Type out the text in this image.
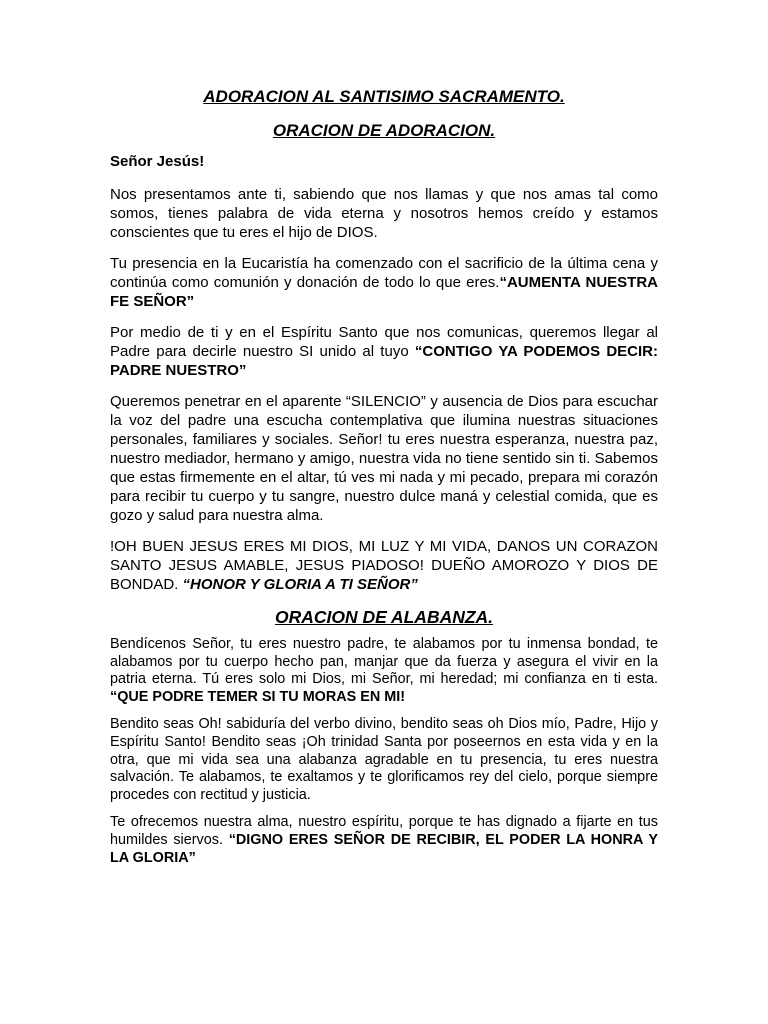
ADORACION AL SANTISIMO SACRAMENTO.
ORACION DE ADORACION.
Señor Jesús!

Nos presentamos ante ti, sabiendo que nos llamas y que nos amas tal como somos, tienes palabra de vida eterna y nosotros hemos creído y estamos conscientes que tu eres el hijo de DIOS.

Tu presencia en la Eucaristía ha comenzado con el sacrificio de la última cena y continúa como comunión y donación de todo lo que eres.“AUMENTA NUESTRA FE SEÑOR”

Por medio de ti y en el Espíritu Santo que nos comunicas, queremos llegar al Padre para decirle nuestro SI unido al tuyo “CONTIGO YA PODEMOS DECIR: PADRE NUESTRO”

Queremos penetrar en el aparente “SILENCIO” y ausencia de Dios para escuchar la voz del padre una escucha contemplativa que ilumina nuestras situaciones personales, familiares y sociales. Señor! tu eres nuestra esperanza, nuestra paz, nuestro mediador, hermano y amigo, nuestra vida no tiene sentido sin ti. Sabemos que estas firmemente en el altar, tú ves mi nada y mi pecado, prepara mi corazón para recibir tu cuerpo y tu sangre, nuestro dulce maná y celestial comida, que es gozo y salud para nuestra alma.

!OH BUEN JESUS ERES MI DIOS, MI LUZ Y MI VIDA, DANOS UN CORAZON SANTO JESUS AMABLE, JESUS PIADOSO! DUEÑO AMOROZO Y DIOS DE BONDAD. “HONOR Y GLORIA A TI SEÑOR”

ORACION DE ALABANZA.

Bendícenos Señor, tu eres nuestro padre, te alabamos por tu inmensa bondad, te alabamos por tu cuerpo hecho pan, manjar que da fuerza y asegura el vivir en la patria eterna. Tú eres solo mi Dios, mi Señor, mi heredad; mi confianza en ti esta. “QUE PODRE TEMER SI TU MORAS EN MI!

Bendito seas Oh! sabiduría del verbo divino, bendito seas oh Dios mío, Padre, Hijo y Espíritu Santo! Bendito seas ¡Oh trinidad Santa por poseernos en esta vida y en la otra, que mi vida sea una alabanza agradable en tu presencia, tu eres nuestra salvación. Te alabamos, te exaltamos y te glorificamos rey del cielo, porque siempre procedes con rectitud y justicia.

Te ofrecemos nuestra alma, nuestro espíritu, porque te has dignado a fijarte en tus humildes siervos. “DIGNO ERES SEÑOR DE RECIBIR, EL PODER LA HONRA Y LA GLORIA”
